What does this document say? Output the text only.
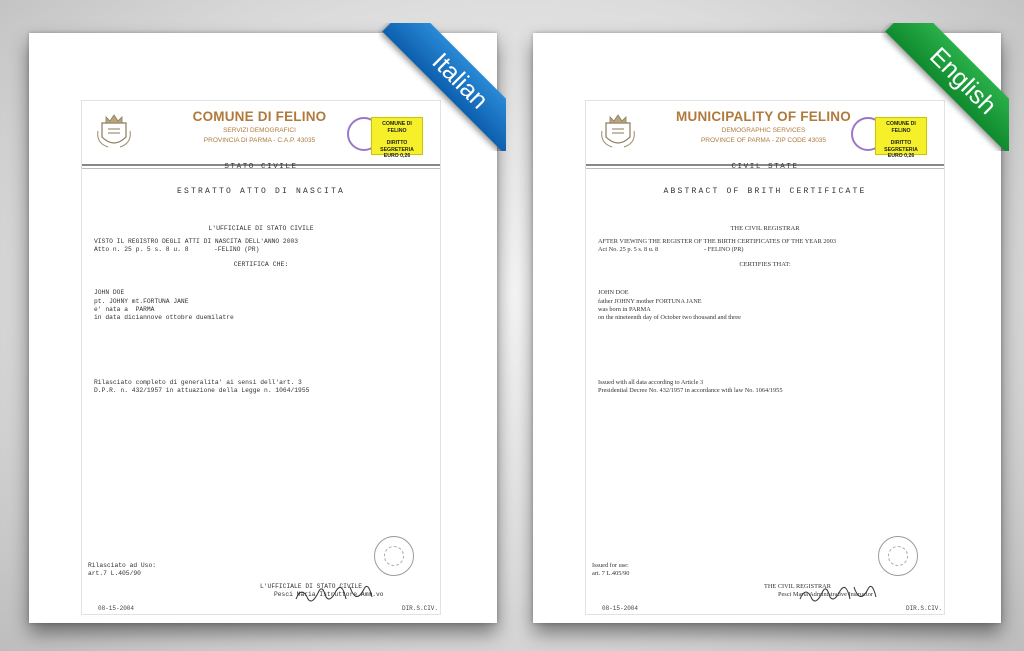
COMUNE DI FELINO
SERVIZI DEMOGRAFICI
PROVINCIA DI PARMA - C.A.P. 43035
COMUNE DI
FELINO
DIRITTO SEGRETERIA
EURO 0,26
STATO CIVILE
ESTRATTO ATTO DI NASCITA
L'UFFICIALE DI STATO CIVILE
VISTO IL REGISTRO DEGLI ATTI DI NASCITA DELL'ANNO 2003
Atto n. 25 p. 5 s. 8 u. 8	-FELINO (PR)
CERTIFICA CHE:
JOHN DOE
pt. JOHNY mt.FORTUNA JANE
e' nata a  PARMA
in data diciannove ottobre duemilatre
Rilasciato completo di generalita' ai sensi dell'art. 3
D.P.R. n. 432/1957 in attuazione della Legge n. 1064/1955
Rilasciato ad Uso:
art.7 L.405/90
L'UFFICIALE DI STATO CIVILE
Pesci Maria Istruttore Amm.vo
08-15-2004	DIR.S.CIV.
MUNICIPALITY OF FELINO
DEMOGRAPHIC SERVICES
PROVINCE OF PARMA - ZIP CODE 43035
COMUNE DI
FELINO
DIRITTO SEGRETERIA
EURO 0,26
CIVIL STATE
ABSTRACT OF BRITH CERTIFICATE
THE CIVIL REGISTRAR
AFTER VIEWING THE REGISTER OF THE BIRTH CERTIFICATES OF THE YEAR 2003
Act No. 25 p. 5 s. 8 u. 8	- FELINO (PR)
CERTIFIES THAT:
JOHN DOE
father JOHNY mother FORTUNA JANE
was born in PARMA
on the nineteenth day of October two thousand and three
Issued with all data according to Article 3
Presidential Decree No. 432/1957 in accordance with law No. 1064/1955
Issued for use:
art. 7 L.405/90
THE CIVIL REGISTRAR
Pesci Maria Administrative Instructor
08-15-2004	DIR.S.CIV.
Italian	English
